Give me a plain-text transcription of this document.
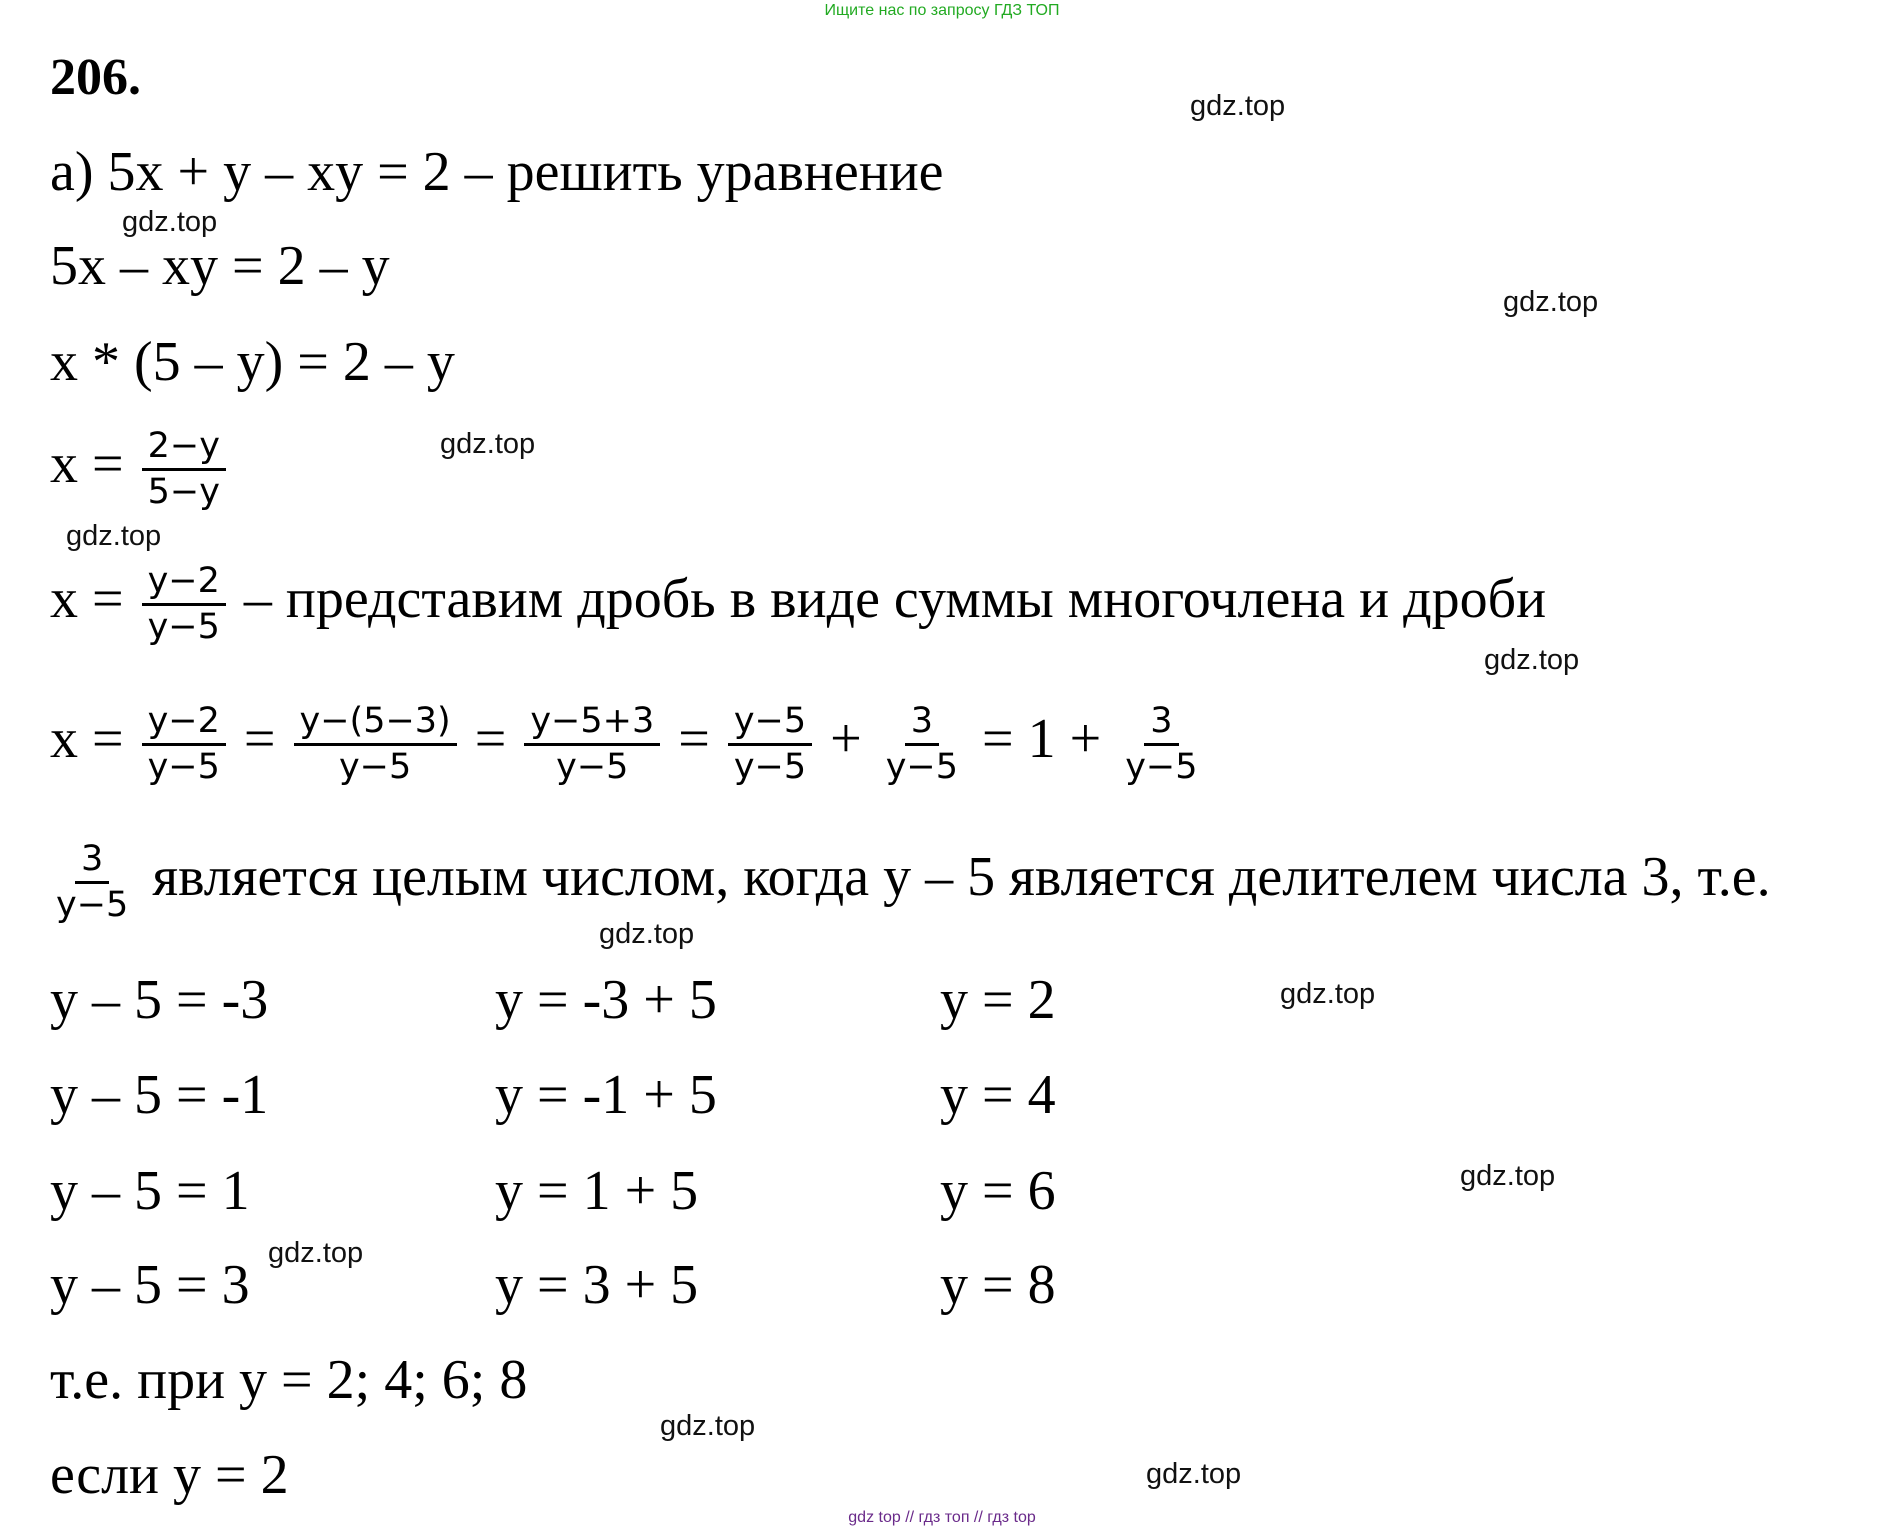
Ищите нас по запросу ГДЗ ТОП
206.
а) 5x + y – xy = 2 – решить уравнение
5x – xy = 2 – y
x * (5 – y) = 2 – y
$x = \frac{2-y}{5-y}$
$x = \frac{y-2}{y-5}$ – представим дробь в виде суммы многочлена и дроби
$x = \frac{y-2}{y-5} = \frac{y-(5-3)}{y-5} = \frac{y-5+3}{y-5} = \frac{y-5}{y-5} + \frac{3}{y-5} = 1 + \frac{3}{y-5}$
$\frac{3}{y-5}$ является целым числом, когда y – 5 является делителем числа 3, т.е.
y – 5 = -3	y = -3 + 5	y = 2
y – 5 = -1	y = -1 + 5	y = 4
y – 5 = 1	y = 1 + 5	y = 6
y – 5 = 3	y = 3 + 5	y = 8
т.е. при y = 2; 4; 6; 8
если y = 2
gdz.top
gdz.top
gdz.top
gdz.top
gdz.top
gdz.top
gdz.top
gdz.top
gdz.top
gdz.top
gdz.top
gdz.top
gdz top // гдз топ // гдз top
